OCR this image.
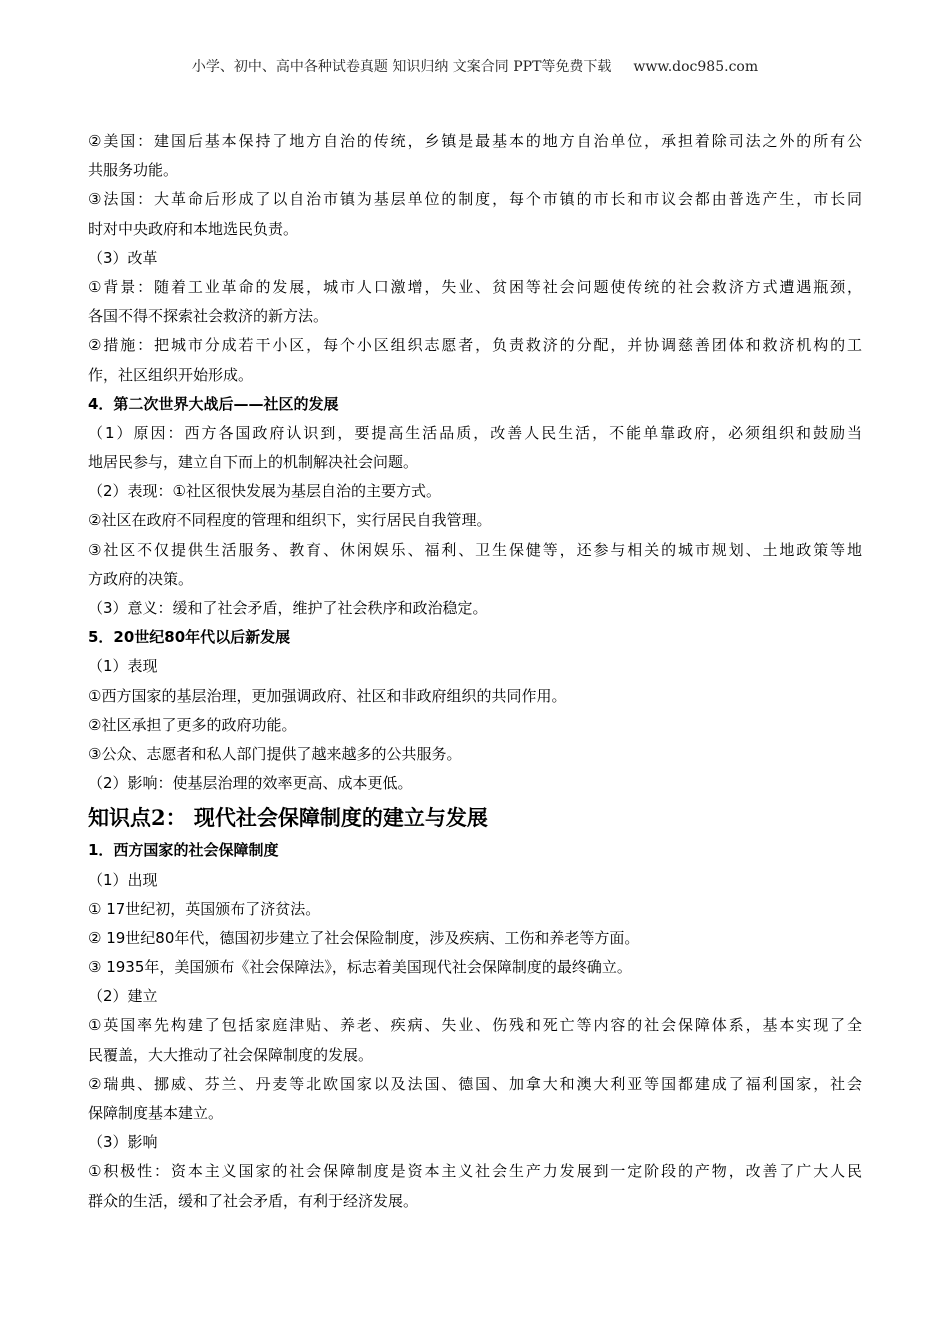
小学、初中、高中各种试卷真题 知识归纳 文案合同 PPT等免费下载 www.doc985.com
②美国：建国后基本保持了地方自治的传统，乡镇是最基本的地方自治单位，承担着除司法之外的所有公
共服务功能。
③法国：大革命后形成了以自治市镇为基层单位的制度，每个市镇的市长和市议会都由普选产生，市长同
时对中央政府和本地选民负责。
（3）改革
①背景：随着工业革命的发展，城市人口激增，失业、贫困等社会问题使传统的社会救济方式遭遇瓶颈，
各国不得不探索社会救济的新方法。
②措施：把城市分成若干小区，每个小区组织志愿者，负责救济的分配，并协调慈善团体和救济机构的工
作，社区组织开始形成。
4．第二次世界大战后——社区的发展
（1）原因：西方各国政府认识到，要提高生活品质，改善人民生活，不能单靠政府，必须组织和鼓励当
地居民参与，建立自下而上的机制解决社会问题。
（2）表现：①社区很快发展为基层自治的主要方式。
②社区在政府不同程度的管理和组织下，实行居民自我管理。
③社区不仅提供生活服务、教育、休闲娱乐、福利、卫生保健等，还参与相关的城市规划、土地政策等地
方政府的决策。
（3）意义：缓和了社会矛盾，维护了社会秩序和政治稳定。
5．20世纪80年代以后新发展
（1）表现
①西方国家的基层治理，更加强调政府、社区和非政府组织的共同作用。
②社区承担了更多的政府功能。
③公众、志愿者和私人部门提供了越来越多的公共服务。
（2）影响：使基层治理的效率更高、成本更低。
知识点2： 现代社会保障制度的建立与发展
1．西方国家的社会保障制度
（1）出现
① 17世纪初，英国颁布了济贫法。
② 19世纪80年代，德国初步建立了社会保险制度，涉及疾病、工伤和养老等方面。
③ 1935年，美国颁布《社会保障法》，标志着美国现代社会保障制度的最终确立。
（2）建立
①英国率先构建了包括家庭津贴、养老、疾病、失业、伤残和死亡等内容的社会保障体系，基本实现了全
民覆盖，大大推动了社会保障制度的发展。
②瑞典、挪威、芬兰、丹麦等北欧国家以及法国、德国、加拿大和澳大利亚等国都建成了福利国家，社会
保障制度基本建立。
（3）影响
①积极性：资本主义国家的社会保障制度是资本主义社会生产力发展到一定阶段的产物，改善了广大人民
群众的生活，缓和了社会矛盾，有利于经济发展。
